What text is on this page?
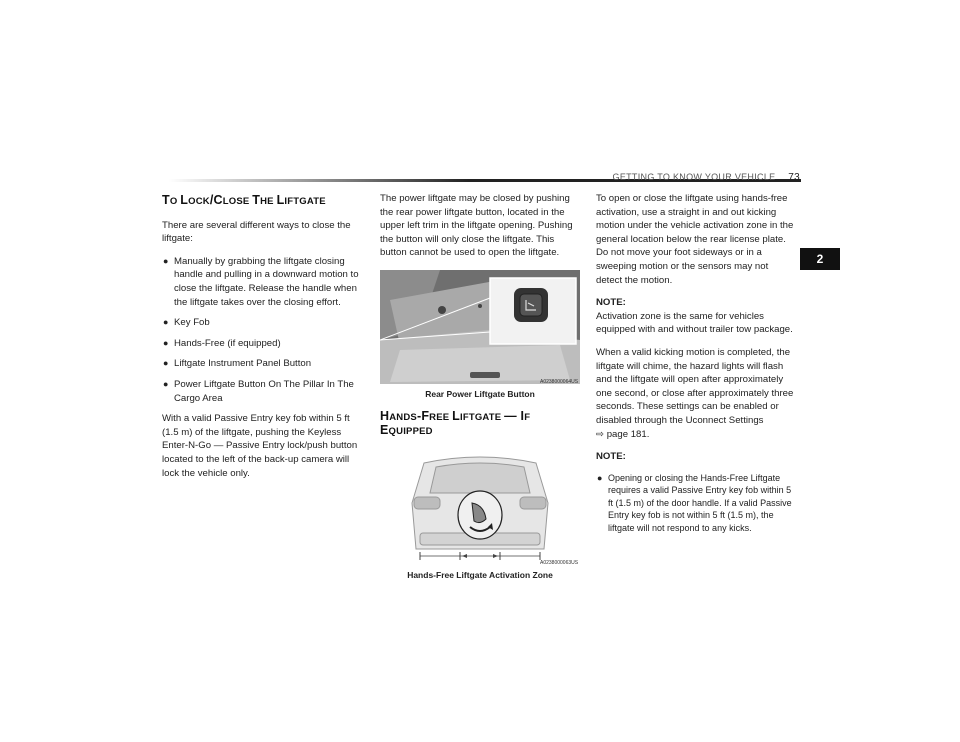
GETTING TO KNOW YOUR VEHICLE 73
2
TO LOCK/CLOSE THE LIFTGATE

There are several different ways to close the liftgate:

● Manually by grabbing the liftgate closing handle and pulling in a downward motion to close the liftgate. Release the handle when the liftgate takes over the closing effort.
● Key Fob
● Hands-Free (if equipped)
● Liftgate Instrument Panel Button
● Power Liftgate Button On The Pillar In The Cargo Area

With a valid Passive Entry key fob within 5 ft (1.5 m) of the liftgate, pushing the Keyless Enter-N-Go — Passive Entry lock/push button located to the left of the back-up camera will lock the vehicle only.

The power liftgate may be closed by pushing the rear power liftgate button, located in the upper left trim in the liftgate opening. Pushing the button will only close the liftgate. This button cannot be used to open the liftgate.

A0238000064US
Rear Power Liftgate Button
HANDS-FREE LIFTGATE — IF EQUIPPED
A0238000063US
Hands-Free Liftgate Activation Zone

To open or close the liftgate using hands-free activation, use a straight in and out kicking motion under the vehicle activation zone in the general location below the rear license plate. Do not move your foot sideways or in a sweeping motion or the sensors may not detect the motion.

NOTE:

Activation zone is the same for vehicles equipped with and without trailer tow package.

When a valid kicking motion is completed, the liftgate will chime, the hazard lights will flash and the liftgate will open after approximately one second, or close after approximately three seconds. These settings can be enabled or disabled through the Uconnect Settings
⇨ page 181.

NOTE:

● Opening or closing the Hands-Free Liftgate requires a valid Passive Entry key fob within 5 ft (1.5 m) of the door handle. If a valid Passive Entry key fob is not within 5 ft (1.5 m), the liftgate will not respond to any kicks.
